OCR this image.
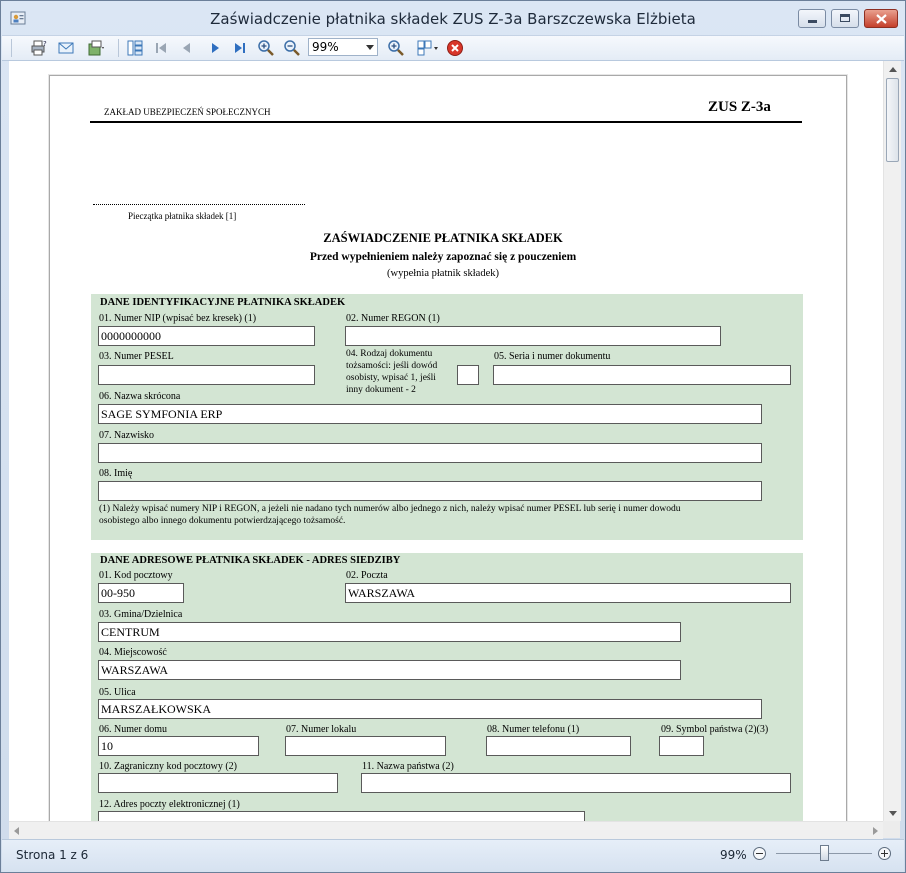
Zaświadczenie płatnika składek ZUS Z-3a Barszczewska Elżbieta
?	99%
ZAKŁAD UBEZPIECZEŃ SPOŁECZNYCH	ZUS Z-3a
Pieczątka płatnika składek [1]
ZAŚWIADCZENIE PŁATNIKA SKŁADEK
Przed wypełnieniem należy zapoznać się z pouczeniem
(wypełnia płatnik składek)
DANE IDENTYFIKACYJNE PŁATNIKA SKŁADEK
01. Numer NIP (wpisać bez kresek) (1)
0000000000
02. Numer REGON (1)
03. Numer PESEL	04. Rodzaj dokumentu
tożsamości: jeśli dowód
osobisty, wpisać 1, jeśli
inny dokument - 2
05. Seria i numer dokumentu
06. Nazwa skrócona
SAGE SYMFONIA ERP
07. Nazwisko
08. Imię
(1) Należy wpisać numery NIP i REGON, a jeżeli nie nadano tych numerów albo jednego z nich, należy wpisać numer PESEL lub serię i numer dowodu
osobistego albo innego dokumentu potwierdzającego tożsamość.
DANE ADRESOWE PŁATNIKA SKŁADEK - ADRES SIEDZIBY
01. Kod pocztowy
00-950
02. Poczta
WARSZAWA
03. Gmina/Dzielnica
CENTRUM
04. Miejscowość
WARSZAWA
05. Ulica
MARSZAŁKOWSKA
06. Numer domu
10
07. Numer lokalu	08. Numer telefonu (1)	09. Symbol państwa (2)(3)
10. Zagraniczny kod pocztowy (2)	11. Nazwa państwa (2)
12. Adres poczty elektronicznej (1)
Strona 1 z 6	99%
